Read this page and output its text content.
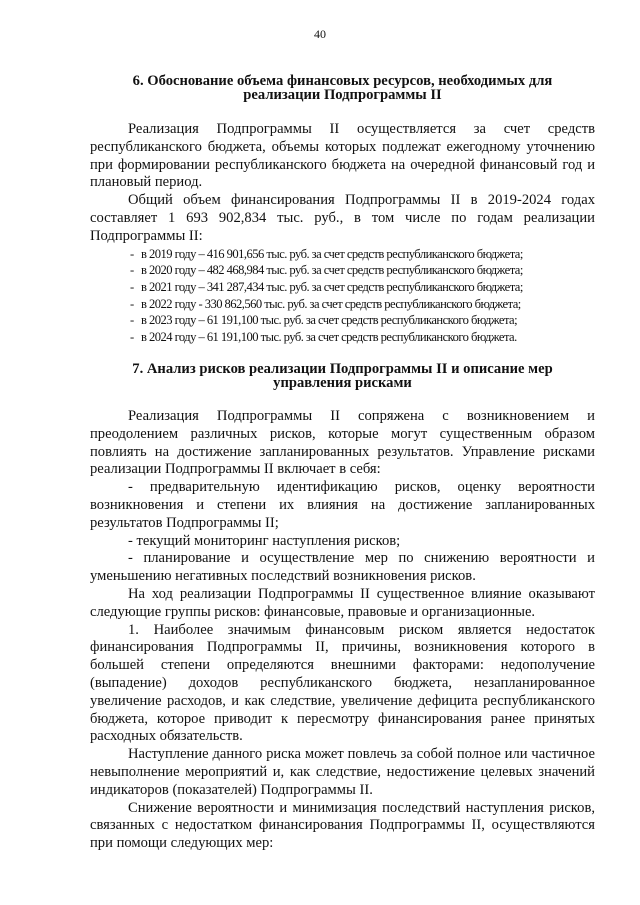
40

6. Обоснование объема финансовых ресурсов, необходимых для реализации Подпрограммы II

Реализация Подпрограммы II осуществляется за счет средств республиканского бюджета, объемы которых подлежат ежегодному уточнению при формировании республиканского бюджета на очередной финансовый год и плановый период.

Общий объем финансирования Подпрограммы II в 2019-2024 годах составляет 1 693 902,834 тыс. руб., в том числе по годам реализации Подпрограммы II:

- в 2019 году – 416 901,656 тыс. руб. за счет средств республиканского бюджета;
- в 2020 году – 482 468,984 тыс. руб. за счет средств республиканского бюджета;
- в 2021 году – 341 287,434 тыс. руб. за счет средств республиканского бюджета;
- в 2022 году - 330 862,560 тыс. руб. за счет средств республиканского бюджета;
- в 2023 году – 61 191,100 тыс. руб. за счет средств республиканского бюджета;
- в 2024 году – 61 191,100 тыс. руб. за счет средств республиканского бюджета.

7. Анализ рисков реализации Подпрограммы II и описание мер управления рисками

Реализация Подпрограммы II сопряжена с возникновением и преодолением различных рисков, которые могут существенным образом повлиять на достижение запланированных результатов. Управление рисками реализации Подпрограммы II включает в себя:

- предварительную идентификацию рисков, оценку вероятности возникновения и степени их влияния на достижение запланированных результатов Подпрограммы II;

- текущий мониторинг наступления рисков;

- планирование и осуществление мер по снижению вероятности и уменьшению негативных последствий возникновения рисков.

На ход реализации Подпрограммы II существенное влияние оказывают следующие группы рисков: финансовые, правовые и организационные.

1. Наиболее значимым финансовым риском является недостаток финансирования Подпрограммы II, причины, возникновения которого в большей степени определяются внешними факторами: недополучение (выпадение) доходов республиканского бюджета, незапланированное увеличение расходов, и как следствие, увеличение дефицита республиканского бюджета, которое приводит к пересмотру финансирования ранее принятых расходных обязательств.

Наступление данного риска может повлечь за собой полное или частичное невыполнение мероприятий и, как следствие, недостижение целевых значений индикаторов (показателей) Подпрограммы II.

Снижение вероятности и минимизация последствий наступления рисков, связанных с недостатком финансирования Подпрограммы II, осуществляются при помощи следующих мер:
